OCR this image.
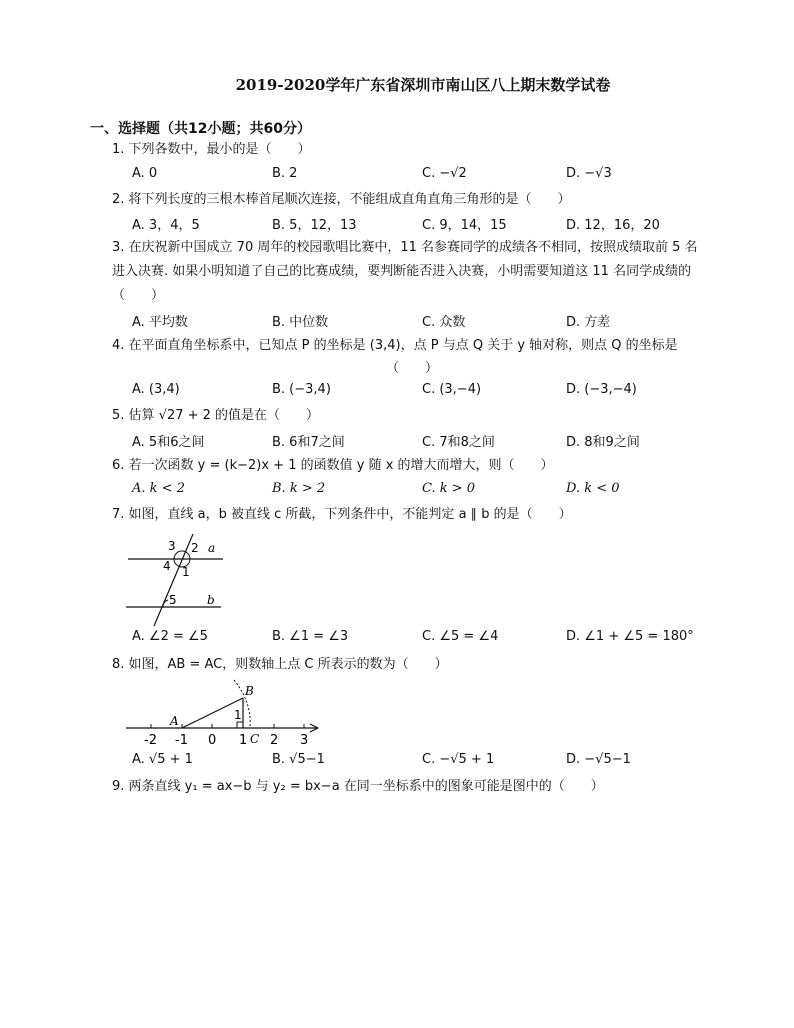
2019-2020学年广东省深圳市南山区八上期末数学试卷
一、选择题（共12小题；共60分）
1. 下列各数中，最小的是（　　）
A. 0	B. 2	C. −√2	D. −√3
2. 将下列长度的三根木棒首尾顺次连接，不能组成直角直角三角形的是（　　）
A. 3，4，5	B. 5，12，13	C. 9，14，15	D. 12，16，20
3. 在庆祝新中国成立 70 周年的校园歌唱比赛中，11 名参赛同学的成绩各不相同，按照成绩取前 5 名进入决赛. 如果小明知道了自己的比赛成绩，要判断能否进入决赛，小明需要知道这 11 名同学成绩的（　　）
A. 平均数	B. 中位数	C. 众数	D. 方差
4. 在平面直角坐标系中，已知点 P 的坐标是 (3,4)，点 P 与点 Q 关于 y 轴对称，则点 Q 的坐标是
（　　）
A. (3,4)	B. (−3,4)	C. (3,−4)	D. (−3,−4)
5. 估算 √27 + 2 的值是在（　　）
A. 5和6之间	B. 6和7之间	C. 7和8之间	D. 8和9之间
6. 若一次函数 y = (k−2)x + 1 的函数值 y 随 x 的增大而增大，则（　　）
A. k < 2	B. k > 2	C. k > 0	D. k < 0
7. 如图，直线 a，b 被直线 c 所截，下列条件中，不能判定 a ∥ b 的是（　　）
3 2 a
4 1
5	b
A. ∠2 = ∠5	B. ∠1 = ∠3	C. ∠5 = ∠4	D. ∠1 + ∠5 = 180°
8. 如图，AB = AC，则数轴上点 C 所表示的数为（　　）
A
B
C
1
-2 -1 0 1 2 3
A. √5 + 1	B. √5−1	C. −√5 + 1	D. −√5−1
9. 两条直线 y₁ = ax−b 与 y₂ = bx−a 在同一坐标系中的图象可能是图中的（　　）
